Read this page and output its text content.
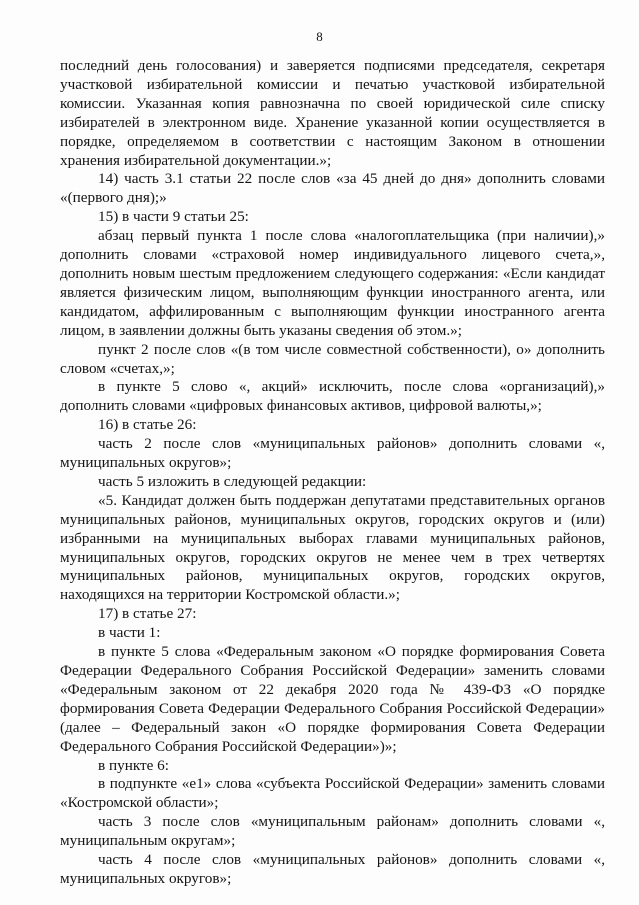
8

последний день голосования) и заверяется подписями председателя, секретаря участковой избирательной комиссии и печатью участковой избирательной комиссии. Указанная копия равнозначна по своей юридической силе списку избирателей в электронном виде. Хранение указанной копии осуществляется в порядке, определяемом в соответствии с настоящим Законом в отношении хранения избирательной документации.»;

14) часть 3.1 статьи 22 после слов «за 45 дней до дня» дополнить словами «(первого дня);»

15) в части 9 статьи 25:

абзац первый пункта 1 после слова «налогоплательщика (при наличии),» дополнить словами «страховой номер индивидуального лицевого счета,», дополнить новым шестым предложением следующего содержания: «Если кандидат является физическим лицом, выполняющим функции иностранного агента, или кандидатом, аффилированным с выполняющим функции иностранного агента лицом, в заявлении должны быть указаны сведения об этом.»;

пункт 2 после слов «(в том числе совместной собственности), о» дополнить словом «счетах,»;

в пункте 5 слово «, акций» исключить, после слова «организаций),» дополнить словами «цифровых финансовых активов, цифровой валюты,»;

16) в статье 26:

часть 2 после слов «муниципальных районов» дополнить словами «, муниципальных округов»;

часть 5 изложить в следующей редакции:

«5. Кандидат должен быть поддержан депутатами представительных органов муниципальных районов, муниципальных округов, городских округов и (или) избранными на муниципальных выборах главами муниципальных районов, муниципальных округов, городских округов не менее чем в трех четвертях муниципальных районов, муниципальных округов, городских округов, находящихся на территории Костромской области.»;

17) в статье 27:

в части 1:

в пункте 5 слова «Федеральным законом «О порядке формирования Совета Федерации Федерального Собрания Российской Федерации» заменить словами «Федеральным законом от 22 декабря 2020 года № 439-ФЗ «О порядке формирования Совета Федерации Федерального Собрания Российской Федерации» (далее – Федеральный закон «О порядке формирования Совета Федерации Федерального Собрания Российской Федерации»)»;

в пункте 6:

в подпункте «е1» слова «субъекта Российской Федерации» заменить словами «Костромской области»;

часть 3 после слов «муниципальным районам» дополнить словами «, муниципальным округам»;

часть 4 после слов «муниципальных районов» дополнить словами «, муниципальных округов»;
